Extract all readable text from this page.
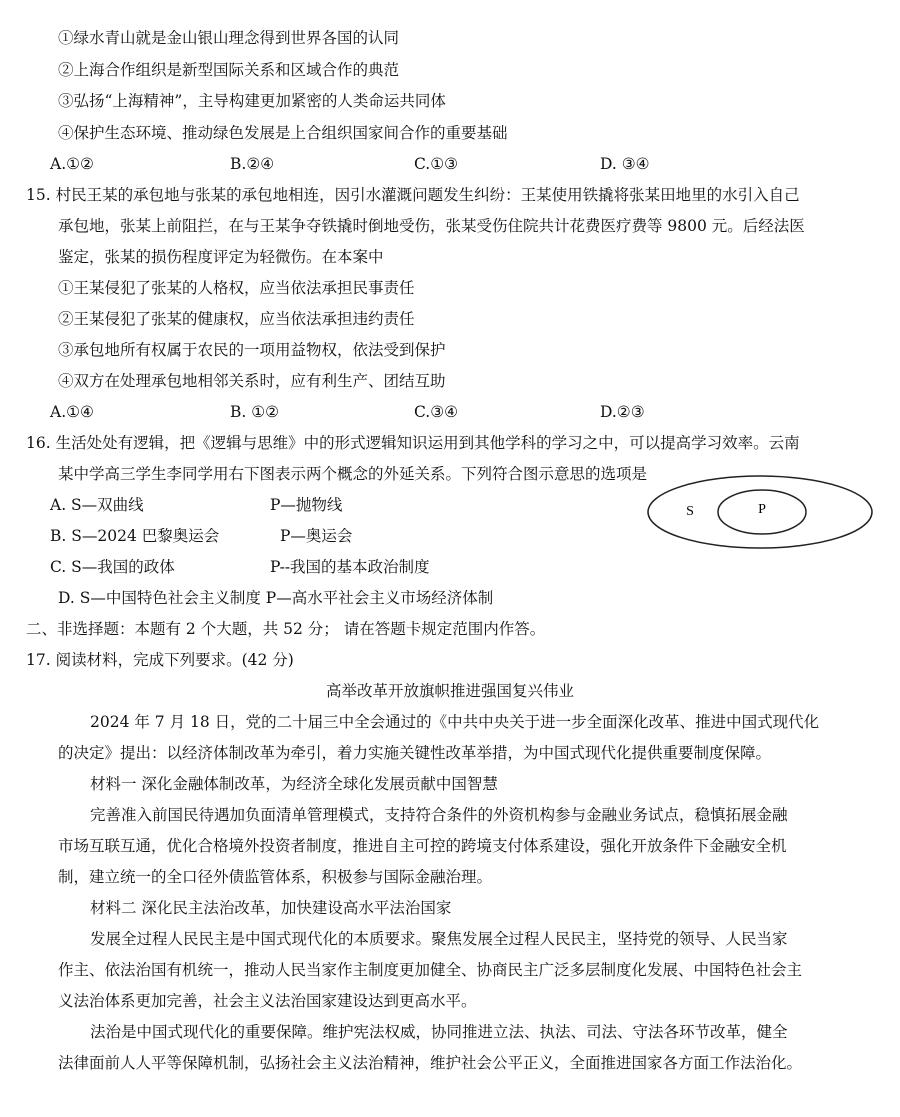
①绿水青山就是金山银山理念得到世界各国的认同
②上海合作组织是新型国际关系和区域合作的典范
③弘扬“上海精神”，主导构建更加紧密的人类命运共同体
④保护生态环境、推动绿色发展是上合组织国家间合作的重要基础
A.①②	B.②④	C.①③	D. ③④
15. 村民王某的承包地与张某的承包地相连，因引水灌溉问题发生纠纷：王某使用铁撬将张某田地里的水引入自己
承包地，张某上前阻拦，在与王某争夺铁撬时倒地受伤，张某受伤住院共计花费医疗费等 9800 元。后经法医
鉴定，张某的损伤程度评定为轻微伤。在本案中
①王某侵犯了张某的人格权，应当依法承担民事责任
②王某侵犯了张某的健康权，应当依法承担违约责任
③承包地所有权属于农民的一项用益物权，依法受到保护
④双方在处理承包地相邻关系时，应有利生产、团结互助
A.①④	B. ①②	C.③④	D.②③
16. 生活处处有逻辑，把《逻辑与思维》中的形式逻辑知识运用到其他学科的学习之中，可以提高学习效率。云南
某中学高三学生李同学用右下图表示两个概念的外延关系。下列符合图示意思的选项是
A. S—双曲线	P—抛物线
B. S—2024 巴黎奥运会	P—奥运会
C. S—我国的政体	P--我国的基本政治制度
D. S—中国特色社会主义制度 P—高水平社会主义市场经济体制
S	P
二、非选择题：本题有 2 个大题，共 52 分； 请在答题卡规定范围内作答。
17. 阅读材料，完成下列要求。(42 分)
高举改革开放旗帜推进强国复兴伟业
2024 年 7 月 18 日，党的二十届三中全会通过的《中共中央关于进一步全面深化改革、推进中国式现代化
的决定》提出：以经济体制改革为牵引，着力实施关键性改革举措，为中国式现代化提供重要制度保障。
材料一 深化金融体制改革，为经济全球化发展贡献中国智慧
完善准入前国民待遇加负面清单管理模式，支持符合条件的外资机构参与金融业务试点，稳慎拓展金融
市场互联互通，优化合格境外投资者制度，推进自主可控的跨境支付体系建设，强化开放条件下金融安全机
制，建立统一的全口径外债监管体系，积极参与国际金融治理。
材料二 深化民主法治改革，加快建设高水平法治国家
发展全过程人民民主是中国式现代化的本质要求。聚焦发展全过程人民民主，坚持党的领导、人民当家
作主、依法治国有机统一，推动人民当家作主制度更加健全、协商民主广泛多层制度化发展、中国特色社会主
义法治体系更加完善，社会主义法治国家建设达到更高水平。
法治是中国式现代化的重要保障。维护宪法权威，协同推进立法、执法、司法、守法各环节改革，健全
法律面前人人平等保障机制，弘扬社会主义法治精神，维护社会公平正义，全面推进国家各方面工作法治化。
